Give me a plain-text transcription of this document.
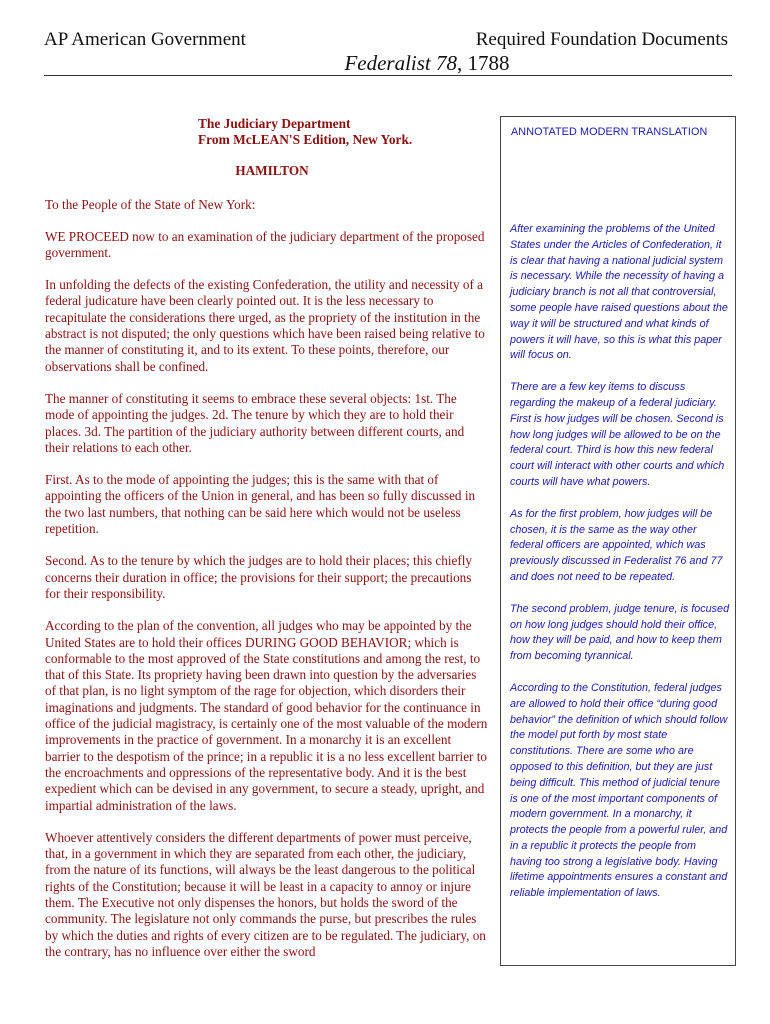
AP American Government	Required Foundation Documents
Federalist 78, 1788
The Judiciary Department
From McLEAN'S Edition, New York.
HAMILTON

To the People of the State of New York:

WE PROCEED now to an examination of the judiciary department of the proposed government.

In unfolding the defects of the existing Confederation, the utility and necessity of a federal judicature have been clearly pointed out. It is the less necessary to recapitulate the considerations there urged, as the propriety of the institution in the abstract is not disputed; the only questions which have been raised being relative to the manner of constituting it, and to its extent. To these points, therefore, our observations shall be confined.

The manner of constituting it seems to embrace these several objects: 1st. The mode of appointing the judges. 2d. The tenure by which they are to hold their places. 3d. The partition of the judiciary authority between different courts, and their relations to each other.

First. As to the mode of appointing the judges; this is the same with that of appointing the officers of the Union in general, and has been so fully discussed in the two last numbers, that nothing can be said here which would not be useless repetition.

Second. As to the tenure by which the judges are to hold their places; this chiefly concerns their duration in office; the provisions for their support; the precautions for their responsibility.

According to the plan of the convention, all judges who may be appointed by the United States are to hold their offices DURING GOOD BEHAVIOR; which is conformable to the most approved of the State constitutions and among the rest, to that of this State. Its propriety having been drawn into question by the adversaries of that plan, is no light symptom of the rage for objection, which disorders their imaginations and judgments. The standard of good behavior for the continuance in office of the judicial magistracy, is certainly one of the most valuable of the modern improvements in the practice of government. In a monarchy it is an excellent barrier to the despotism of the prince; in a republic it is a no less excellent barrier to the encroachments and oppressions of the representative body. And it is the best expedient which can be devised in any government, to secure a steady, upright, and impartial administration of the laws.

Whoever attentively considers the different departments of power must perceive, that, in a government in which they are separated from each other, the judiciary, from the nature of its functions, will always be the least dangerous to the political rights of the Constitution; because it will be least in a capacity to annoy or injure them. The Executive not only dispenses the honors, but holds the sword of the community. The legislature not only commands the purse, but prescribes the rules by which the duties and rights of every citizen are to be regulated. The judiciary, on the contrary, has no influence over either the sword

ANNOTATED MODERN TRANSLATION

After examining the problems of the United States under the Articles of Confederation, it is clear that having a national judicial system is necessary. While the necessity of having a judiciary branch is not all that controversial, some people have raised questions about the way it will be structured and what kinds of powers it will have, so this is what this paper will focus on.

There are a few key items to discuss regarding the makeup of a federal judiciary. First is how judges will be chosen. Second is how long judges will be allowed to be on the federal court. Third is how this new federal court will interact with other courts and which courts will have what powers.

As for the first problem, how judges will be chosen, it is the same as the way other federal officers are appointed, which was previously discussed in Federalist 76 and 77 and does not need to be repeated.

The second problem, judge tenure, is focused on how long judges should hold their office, how they will be paid, and how to keep them from becoming tyrannical.

According to the Constitution, federal judges are allowed to hold their office “during good behavior” the definition of which should follow the model put forth by most state constitutions. There are some who are opposed to this definition, but they are just being difficult. This method of judicial tenure is one of the most important components of modern government. In a monarchy, it protects the people from a powerful ruler, and in a republic it protects the people from having too strong a legislative body. Having lifetime appointments ensures a constant and reliable implementation of laws.
